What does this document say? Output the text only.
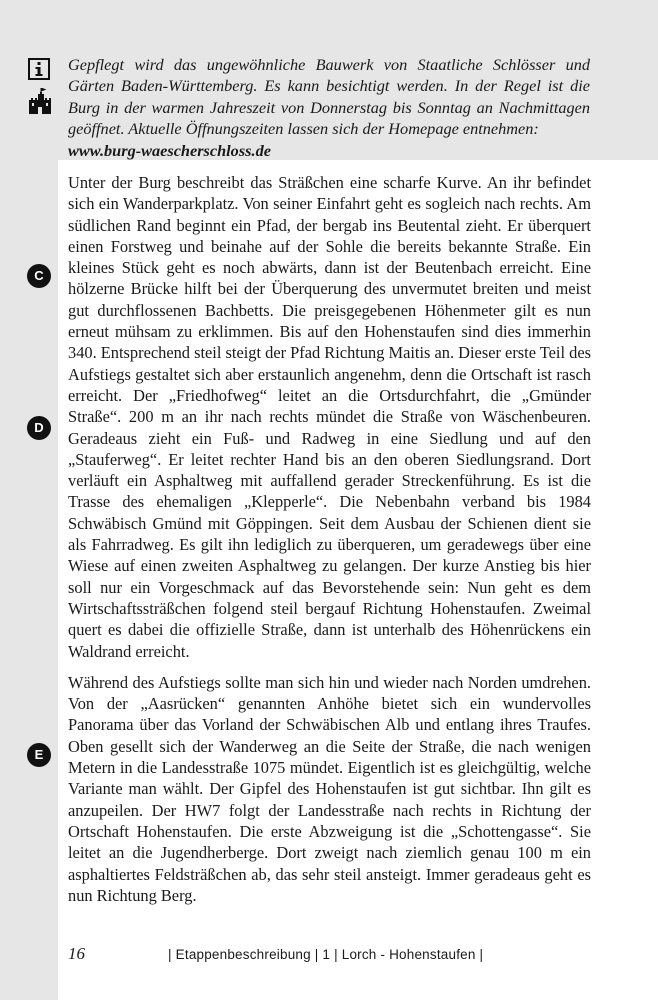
Gepflegt wird das ungewöhnliche Bauwerk von Staatliche Schlösser und Gärten Baden-Württemberg. Es kann besichtigt werden. In der Regel ist die Burg in der warmen Jahreszeit von Donnerstag bis Sonntag an Nachmittagen geöffnet. Aktuelle Öffnungszeiten lassen sich der Homepage entnehmen:
www.burg-waescherschloss.de

C
D
E

Unter der Burg beschreibt das Sträßchen eine scharfe Kurve. An ihr befindet sich ein Wanderparkplatz. Von seiner Einfahrt geht es sogleich nach rechts. Am südlichen Rand beginnt ein Pfad, der bergab ins Beutental zieht. Er überquert einen Forstweg und beinahe auf der Sohle die bereits bekannte Straße. Ein kleines Stück geht es noch abwärts, dann ist der Beutenbach erreicht. Eine hölzerne Brücke hilft bei der Überquerung des unvermutet breiten und meist gut durchflossenen Bachbetts. Die preisgegebenen Höhenmeter gilt es nun erneut mühsam zu erklimmen. Bis auf den Hohenstaufen sind dies immerhin 340. Entsprechend steil steigt der Pfad Richtung Maitis an. Dieser erste Teil des Aufstiegs gestaltet sich aber erstaunlich angenehm, denn die Ortschaft ist rasch erreicht. Der „Friedhofweg“ leitet an die Ortsdurchfahrt, die „Gmünder Straße“. 200 m an ihr nach rechts mündet die Straße von Wäschenbeuren. Geradeaus zieht ein Fuß- und Radweg in eine Siedlung und auf den „Stauferweg“. Er leitet rechter Hand bis an den oberen Siedlungsrand. Dort verläuft ein Asphaltweg mit auffallend gerader Streckenführung. Es ist die Trasse des ehemaligen „Klepperle“. Die Nebenbahn verband bis 1984 Schwäbisch Gmünd mit Göppingen. Seit dem Ausbau der Schienen dient sie als Fahrradweg. Es gilt ihn lediglich zu überqueren, um geradewegs über eine Wiese auf einen zweiten Asphaltweg zu gelangen. Der kurze Anstieg bis hier soll nur ein Vorgeschmack auf das Bevorstehende sein: Nun geht es dem Wirtschaftssträßchen folgend steil bergauf Richtung Hohenstaufen. Zweimal quert es dabei die offizielle Straße, dann ist unterhalb des Höhenrückens ein Waldrand erreicht.

Während des Aufstiegs sollte man sich hin und wieder nach Norden umdrehen. Von der „Aasrücken“ genannten Anhöhe bietet sich ein wundervolles Panorama über das Vorland der Schwäbischen Alb und entlang ihres Traufes. Oben gesellt sich der Wanderweg an die Seite der Straße, die nach wenigen Metern in die Landesstraße 1075 mündet. Eigentlich ist es gleichgültig, welche Variante man wählt. Der Gipfel des Hohenstaufen ist gut sichtbar. Ihn gilt es anzupeilen. Der HW7 folgt der Landesstraße nach rechts in Richtung der Ortschaft Hohenstaufen. Die erste Abzweigung ist die „Schottengasse“. Sie leitet an die Jugendherberge. Dort zweigt nach ziemlich genau 100 m ein asphaltiertes Feldsträßchen ab, das sehr steil ansteigt. Immer geradeaus geht es nun Richtung Berg.

16	| Etappenbeschreibung | 1 | Lorch - Hohenstaufen |
